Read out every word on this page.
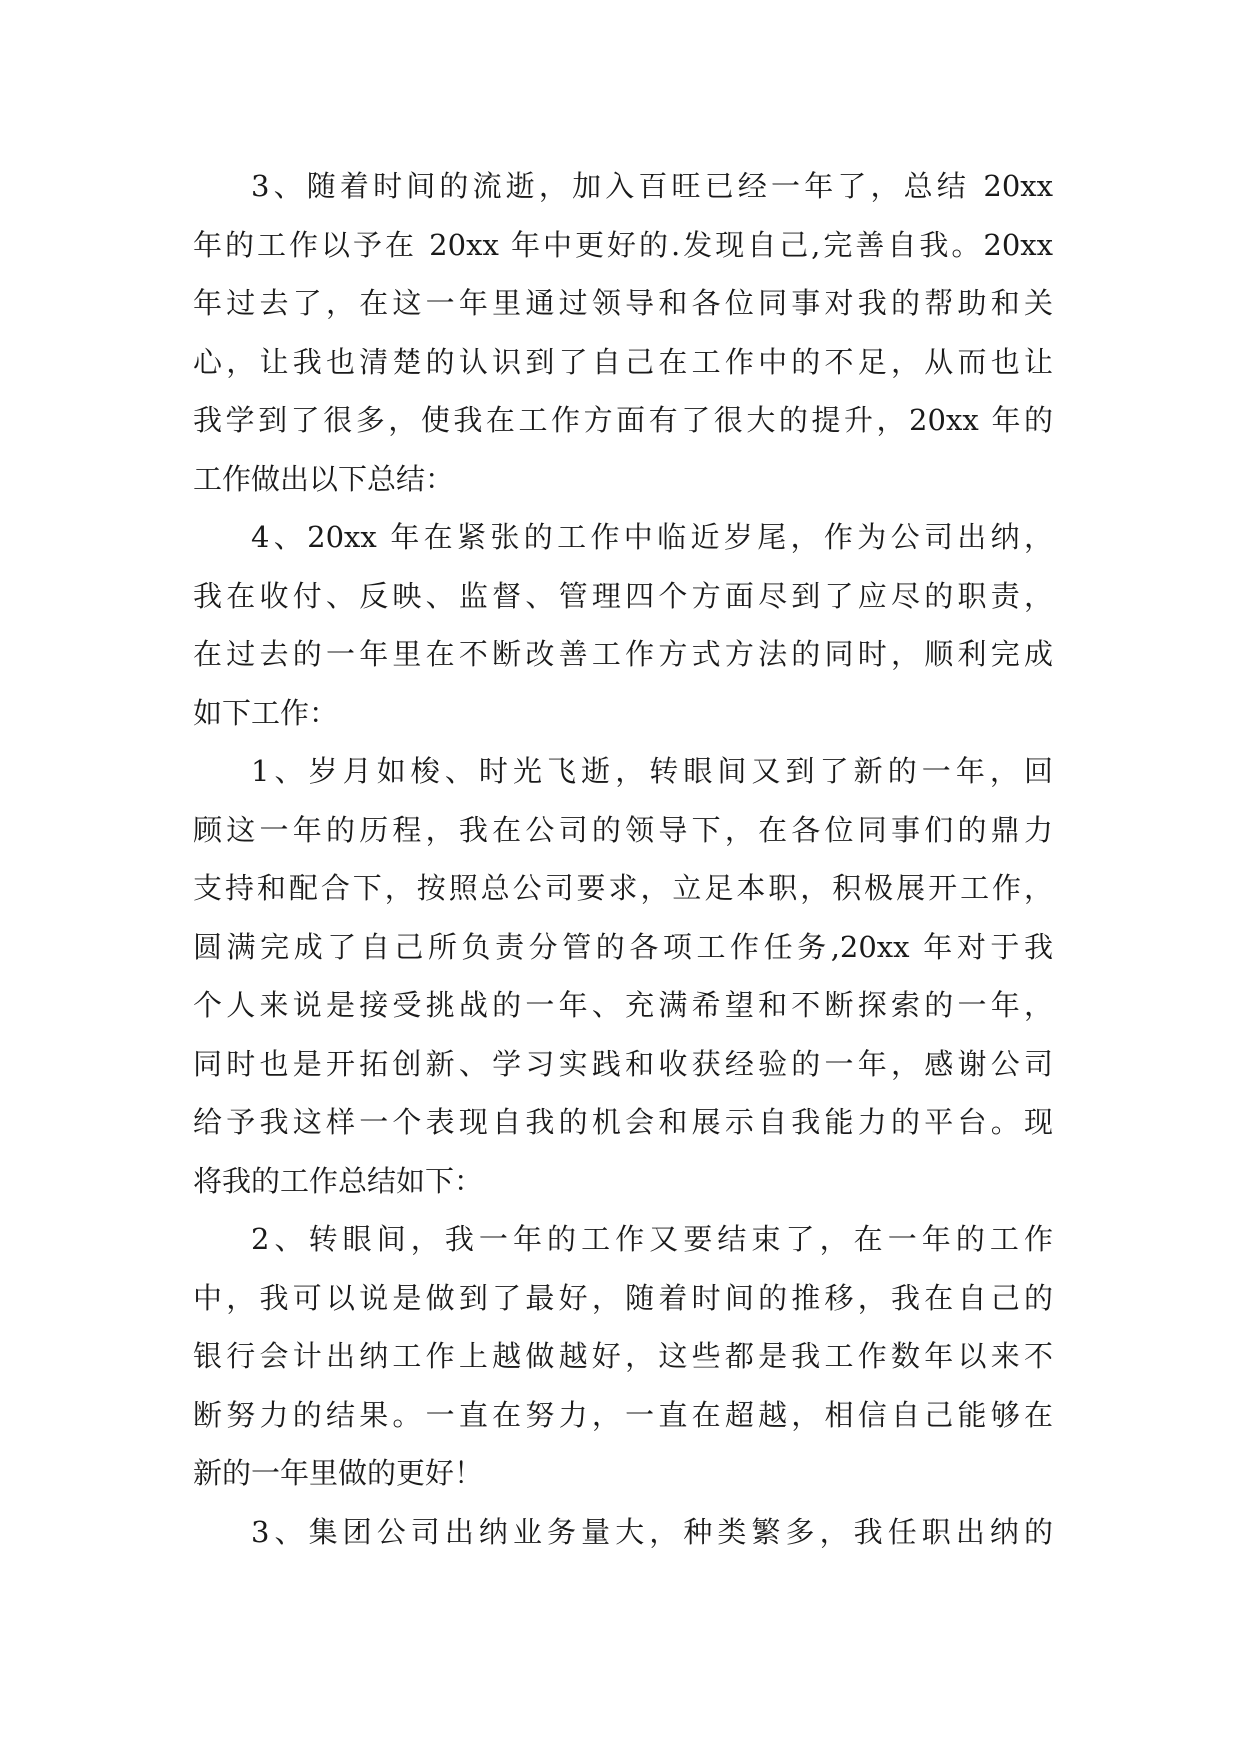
3、随着时间的流逝，加入百旺已经一年了，总结 20xx
年的工作以予在 20xx 年中更好的.发现自己,完善自我。20xx
年过去了，在这一年里通过领导和各位同事对我的帮助和关
心，让我也清楚的认识到了自己在工作中的不足，从而也让
我学到了很多，使我在工作方面有了很大的提升，20xx 年的
工作做出以下总结：
4、20xx 年在紧张的工作中临近岁尾，作为公司出纳，
我在收付、反映、监督、管理四个方面尽到了应尽的职责，
在过去的一年里在不断改善工作方式方法的同时，顺利完成
如下工作：
1、岁月如梭、时光飞逝，转眼间又到了新的一年，回
顾这一年的历程，我在公司的领导下，在各位同事们的鼎力
支持和配合下，按照总公司要求，立足本职，积极展开工作，
圆满完成了自己所负责分管的各项工作任务,20xx 年对于我
个人来说是接受挑战的一年、充满希望和不断探索的一年，
同时也是开拓创新、学习实践和收获经验的一年，感谢公司
给予我这样一个表现自我的机会和展示自我能力的平台。现
将我的工作总结如下：
2、转眼间，我一年的工作又要结束了，在一年的工作
中，我可以说是做到了最好，随着时间的推移，我在自己的
银行会计出纳工作上越做越好，这些都是我工作数年以来不
断努力的结果。一直在努力，一直在超越，相信自己能够在
新的一年里做的更好！
3、集团公司出纳业务量大，种类繁多，我任职出纳的
